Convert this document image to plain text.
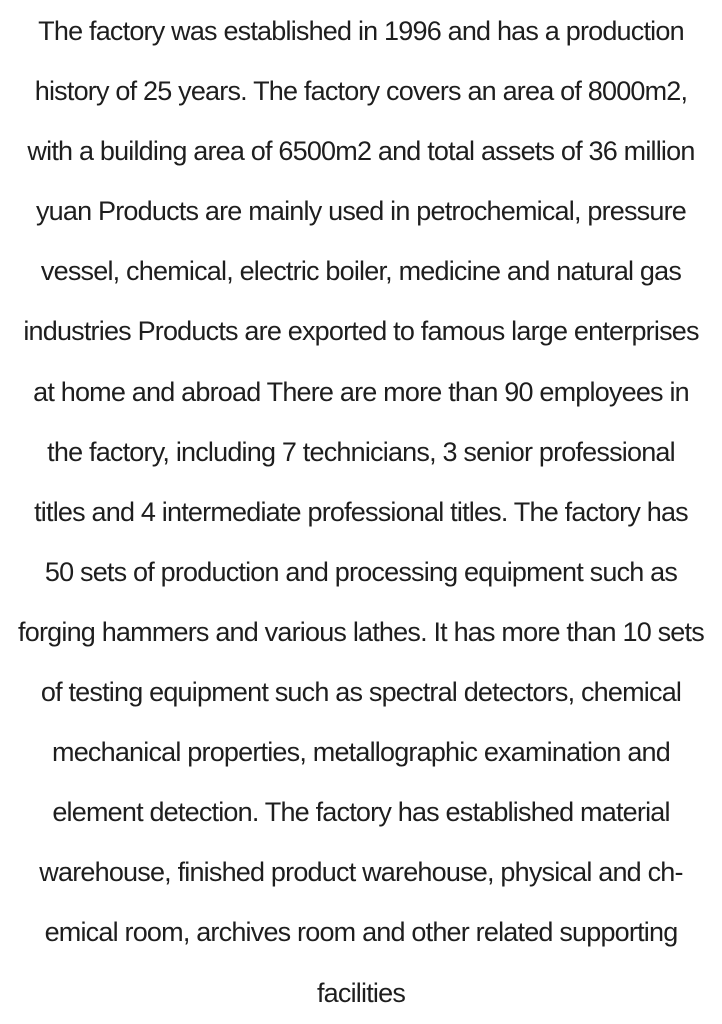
The factory was established in 1996 and has a production
history of 25 years. The factory covers an area of 8000m2,
with a building area of 6500m2 and total assets of 36 million
yuan Products are mainly used in petrochemical, pressure
vessel, chemical, electric boiler, medicine and natural gas
industries Products are exported to famous large enterprises
at home and abroad There are more than 90 employees in
the factory, including 7 technicians, 3 senior professional
titles and 4 intermediate professional titles. The factory has
50 sets of production and processing equipment such as
forging hammers and various lathes. It has more than 10 sets
of testing equipment such as spectral detectors, chemical
mechanical properties, metallographic examination and
element detection. The factory has established material
warehouse, finished product warehouse, physical and ch-
emical room, archives room and other related supporting
facilities
